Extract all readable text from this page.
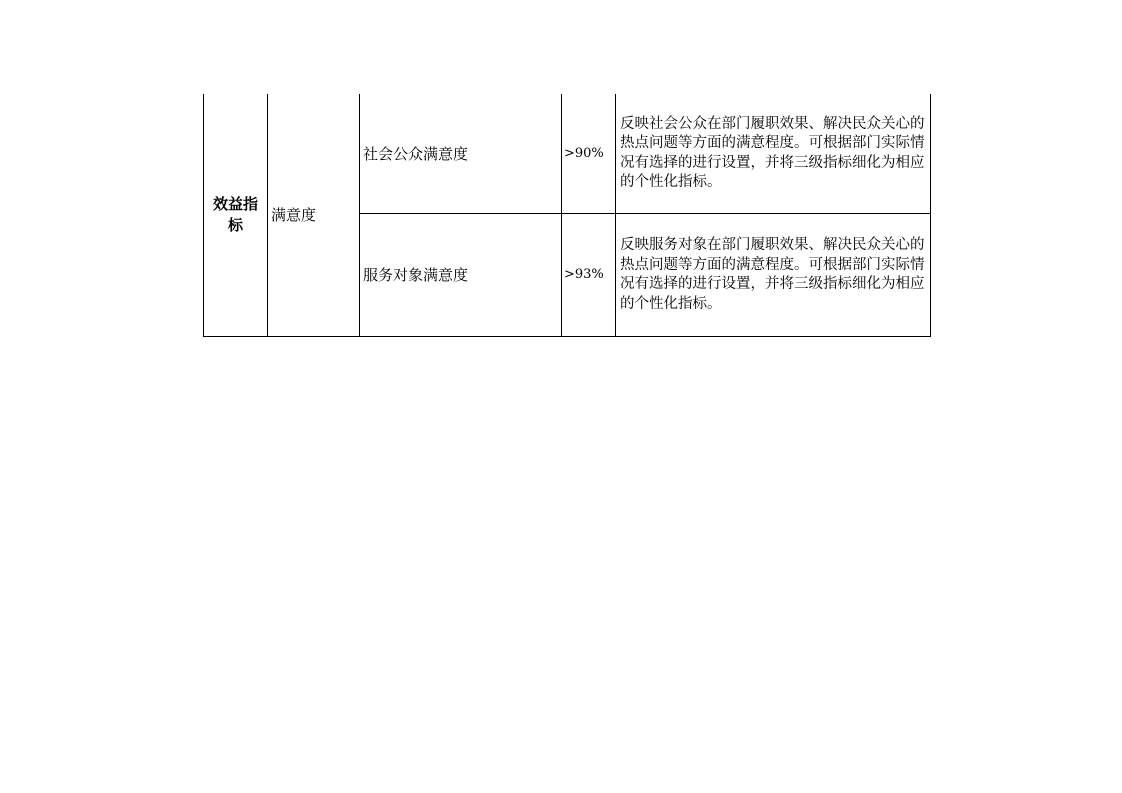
效益指标	满意度	社会公众满意度	>90%	反映社会公众在部门履职效果、解决民众关心的热点问题等方面的满意程度。可根据部门实际情况有选择的进行设置，并将三级指标细化为相应的个性化指标。
		服务对象满意度	>93%	反映服务对象在部门履职效果、解决民众关心的热点问题等方面的满意程度。可根据部门实际情况有选择的进行设置，并将三级指标细化为相应的个性化指标。
